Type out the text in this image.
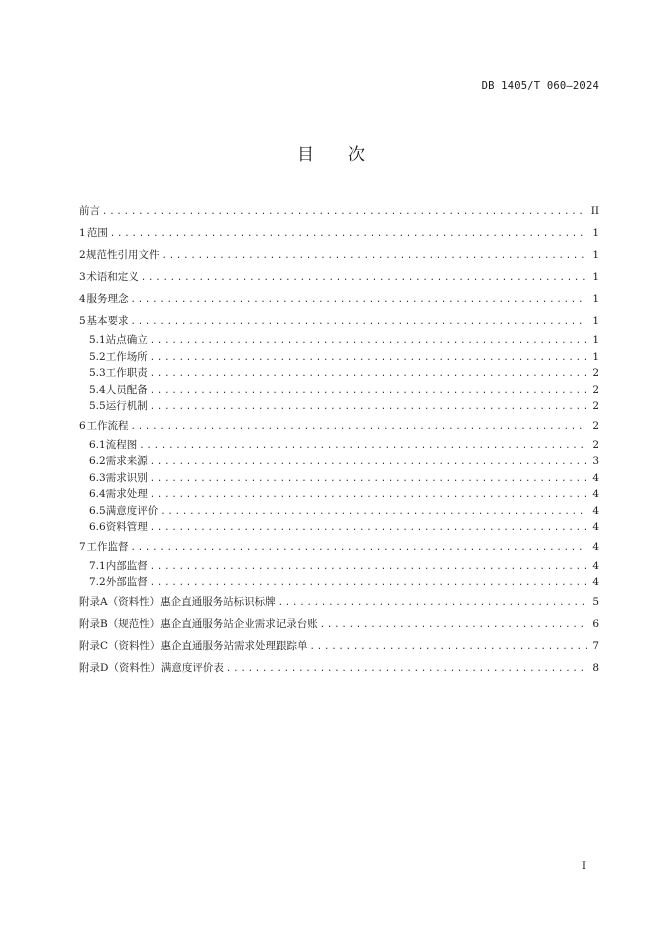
DB 1405/T 060—2024
目 次
前言 .....	II
1 范围 .....	1
2 规范性引用文件 .....	1
3 术语和定义 .....	1
4 服务理念 .....	1
5 基本要求 .....	1
5.1 站点确立 .....	1
5.2 工作场所 .....	1
5.3 工作职责 .....	2
5.4 人员配备 .....	2
5.5 运行机制 .....	2
6 工作流程 .....	2
6.1 流程图 .....	2
6.2 需求来源 .....	3
6.3 需求识别 .....	4
6.4 需求处理 .....	4
6.5 满意度评价 .....	4
6.6 资料管理 .....	4
7 工作监督 .....	4
7.1 内部监督 .....	4
7.2 外部监督 .....	4
附录A（资料性） 惠企直通服务站标识标牌 .....	5
附录B（规范性） 惠企直通服务站企业需求记录台账 .....	6
附录C（资料性） 惠企直通服务站需求处理跟踪单 .....	7
附录D（资料性） 满意度评价表 .....	8
I
